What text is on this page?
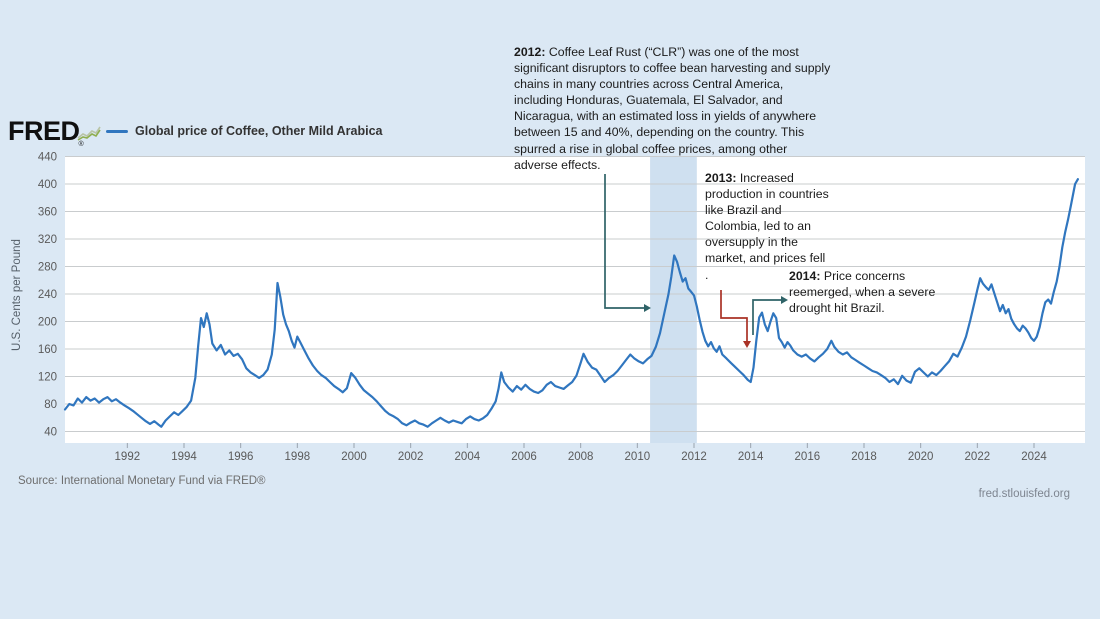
440
400
360
320
280
240
200
160
120
80
40
1992	1994	1996	1998	2000	2002	2004	2006	2008	2010	2012	2014	2016	2018	2020	2022	2024
U.S. Cents per Pound
$FRED_®$
Global price of Coffee, Other Mild Arabica
2012: Coffee Leaf Rust (“CLR”) was one of the most significant disruptors to coffee bean harvesting and supply chains in many countries across Central America, including Honduras, Guatemala, El Salvador, and Nicaragua, with an estimated loss in yields of anywhere between 15 and 40%, depending on the country. This spurred a rise in global coffee prices, among other adverse effects.
2013: Increased production in countries like Brazil and Colombia, led to an oversupply in the market, and prices fell .	2014: Price concerns reemerged, when a severe drought hit Brazil.
Source: International Monetary Fund via FRED®
fred.stlouisfed.org
